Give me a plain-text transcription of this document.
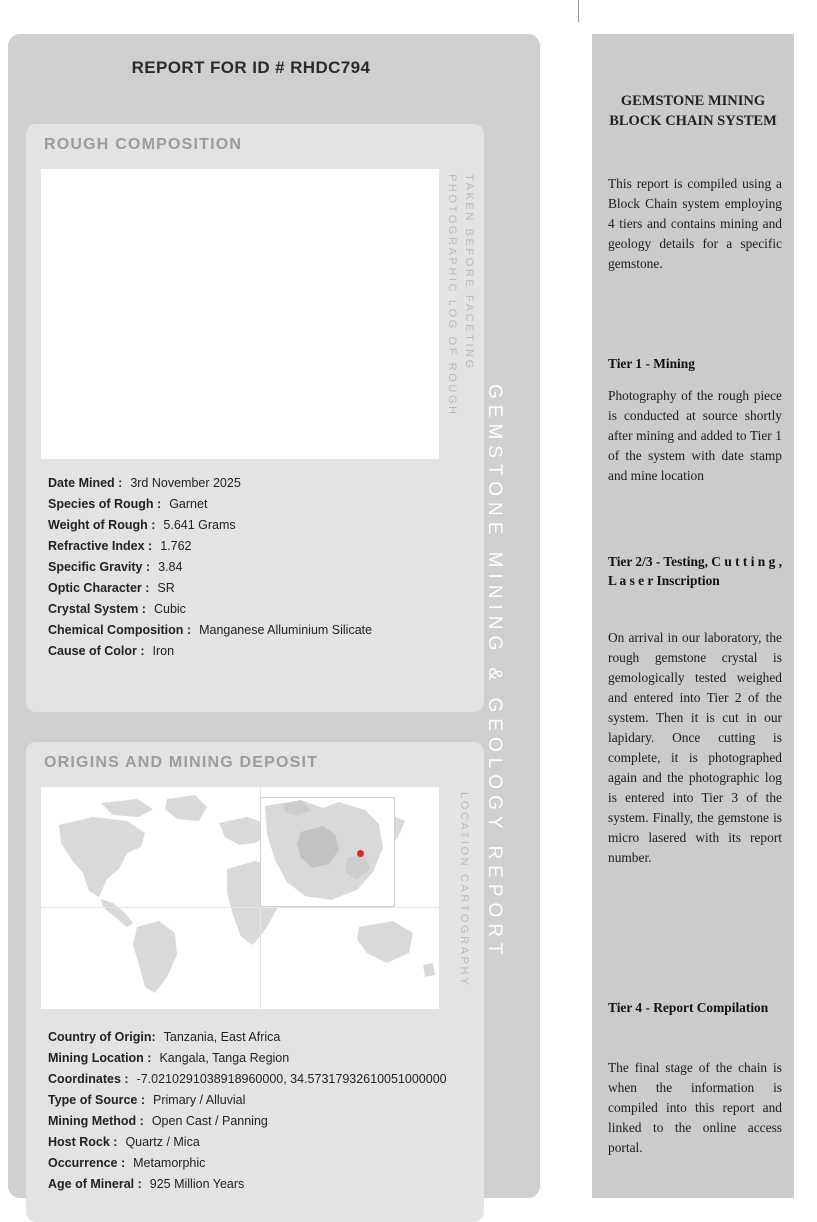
REPORT FOR ID # RHDC794
GEMSTONE MINING & GEOLOGY REPORT
ROUGH COMPOSITION
PHOTOGRAPHIC LOG OF ROUGH TAKEN BEFORE FACETING
Date Mined : 3rd November 2025
Species of Rough : Garnet
Weight of Rough : 5.641 Grams
Refractive Index : 1.762
Specific Gravity : 3.84
Optic Character : SR
Crystal System : Cubic
Chemical Composition : Manganese Alluminium Silicate
Cause of Color : Iron
ORIGINS AND MINING DEPOSIT
LOCATION CARTOGRAPHY
Country of Origin: Tanzania, East Africa
Mining Location : Kangala, Tanga Region
Coordinates : -7.0210291038918960000, 34.57317932610051000000
Type of Source : Primary / Alluvial
Mining Method : Open Cast / Panning
Host Rock : Quartz / Mica
Occurrence : Metamorphic
Age of Mineral : 925 Million Years
GEMSTONE MINING BLOCK CHAIN SYSTEM
This report is compiled using a Block Chain system employing 4 tiers and contains mining and geology details for a specific gemstone.
Tier 1 - Mining
Photography of the rough piece is conducted at source shortly after mining and added to Tier 1 of the system with date stamp and mine location
Tier 2/3 - Testing, C u t t i n g , L a s e r Inscription
On arrival in our laboratory, the rough gemstone crystal is gemologically tested weighed and entered into Tier 2 of the system. Then it is cut in our lapidary. Once cutting is complete, it is photographed again and the photographic log is entered into Tier 3 of the system. Finally, the gemstone is micro lasered with its report number.
Tier 4 - Report Compilation
The final stage of the chain is when the information is compiled into this report and linked to the online access portal.
